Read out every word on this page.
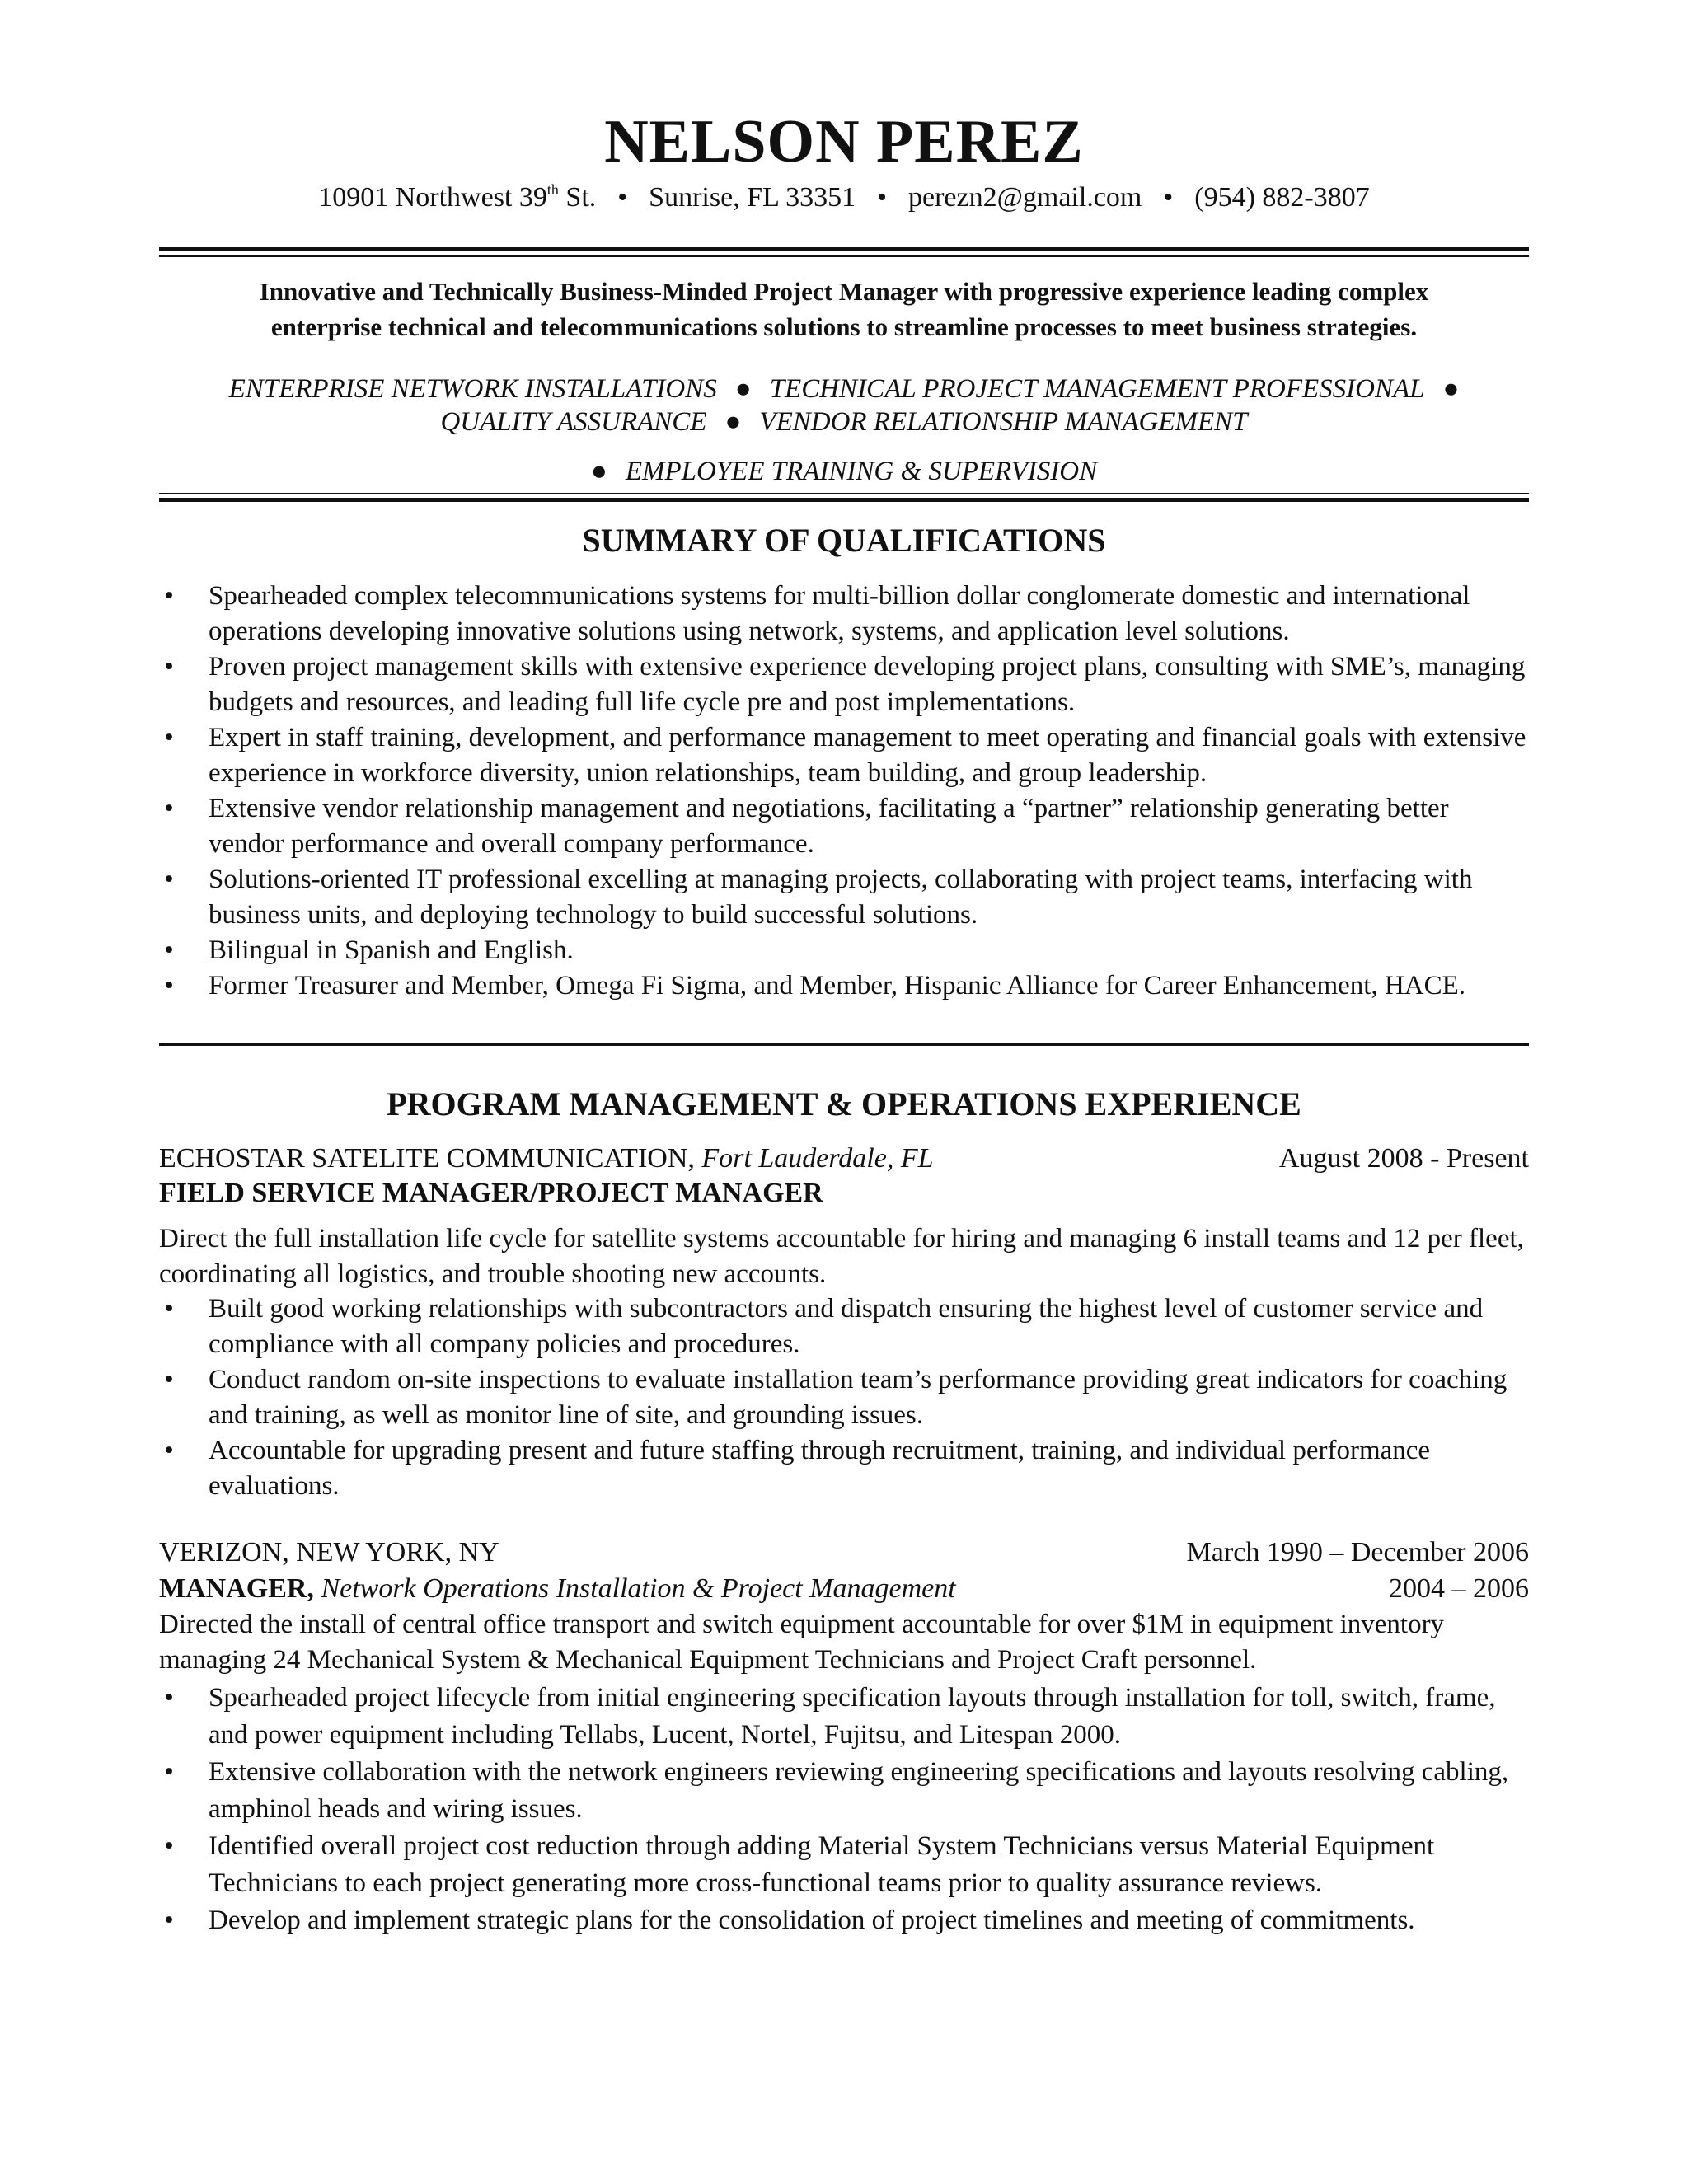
NELSON PEREZ
10901 Northwest 39th St. • Sunrise, FL 33351 • perezn2@gmail.com • (954) 882-3807
Innovative and Technically Business-Minded Project Manager with progressive experience leading complex
enterprise technical and telecommunications solutions to streamline processes to meet business strategies.
ENTERPRISE NETWORK INSTALLATIONS ● TECHNICAL PROJECT MANAGEMENT PROFESSIONAL ●
QUALITY ASSURANCE ● VENDOR RELATIONSHIP MANAGEMENT
● EMPLOYEE TRAINING & SUPERVISION
SUMMARY OF QUALIFICATIONS
• Spearheaded complex telecommunications systems for multi-billion dollar conglomerate domestic and international operations developing innovative solutions using network, systems, and application level solutions.
• Proven project management skills with extensive experience developing project plans, consulting with SME’s, managing budgets and resources, and leading full life cycle pre and post implementations.
• Expert in staff training, development, and performance management to meet operating and financial goals with extensive experience in workforce diversity, union relationships, team building, and group leadership.
• Extensive vendor relationship management and negotiations, facilitating a “partner” relationship generating better vendor performance and overall company performance.
• Solutions-oriented IT professional excelling at managing projects, collaborating with project teams, interfacing with business units, and deploying technology to build successful solutions.
• Bilingual in Spanish and English.
• Former Treasurer and Member, Omega Fi Sigma, and Member, Hispanic Alliance for Career Enhancement, HACE.
PROGRAM MANAGEMENT & OPERATIONS EXPERIENCE
ECHOSTAR SATELITE COMMUNICATION, Fort Lauderdale, FL	August 2008 - Present
FIELD SERVICE MANAGER/PROJECT MANAGER

Direct the full installation life cycle for satellite systems accountable for hiring and managing 6 install teams and 12 per fleet, coordinating all logistics, and trouble shooting new accounts.

• Built good working relationships with subcontractors and dispatch ensuring the highest level of customer service and compliance with all company policies and procedures.
• Conduct random on-site inspections to evaluate installation team’s performance providing great indicators for coaching and training, as well as monitor line of site, and grounding issues.
• Accountable for upgrading present and future staffing through recruitment, training, and individual performance evaluations.
VERIZON, NEW YORK, NY	March 1990 – December 2006
MANAGER, Network Operations Installation & Project Management	2004 – 2006

Directed the install of central office transport and switch equipment accountable for over $1M in equipment inventory managing 24 Mechanical System & Mechanical Equipment Technicians and Project Craft personnel.

• Spearheaded project lifecycle from initial engineering specification layouts through installation for toll, switch, frame, and power equipment including Tellabs, Lucent, Nortel, Fujitsu, and Litespan 2000.
• Extensive collaboration with the network engineers reviewing engineering specifications and layouts resolving cabling, amphinol heads and wiring issues.
• Identified overall project cost reduction through adding Material System Technicians versus Material Equipment Technicians to each project generating more cross-functional teams prior to quality assurance reviews.
• Develop and implement strategic plans for the consolidation of project timelines and meeting of commitments.
